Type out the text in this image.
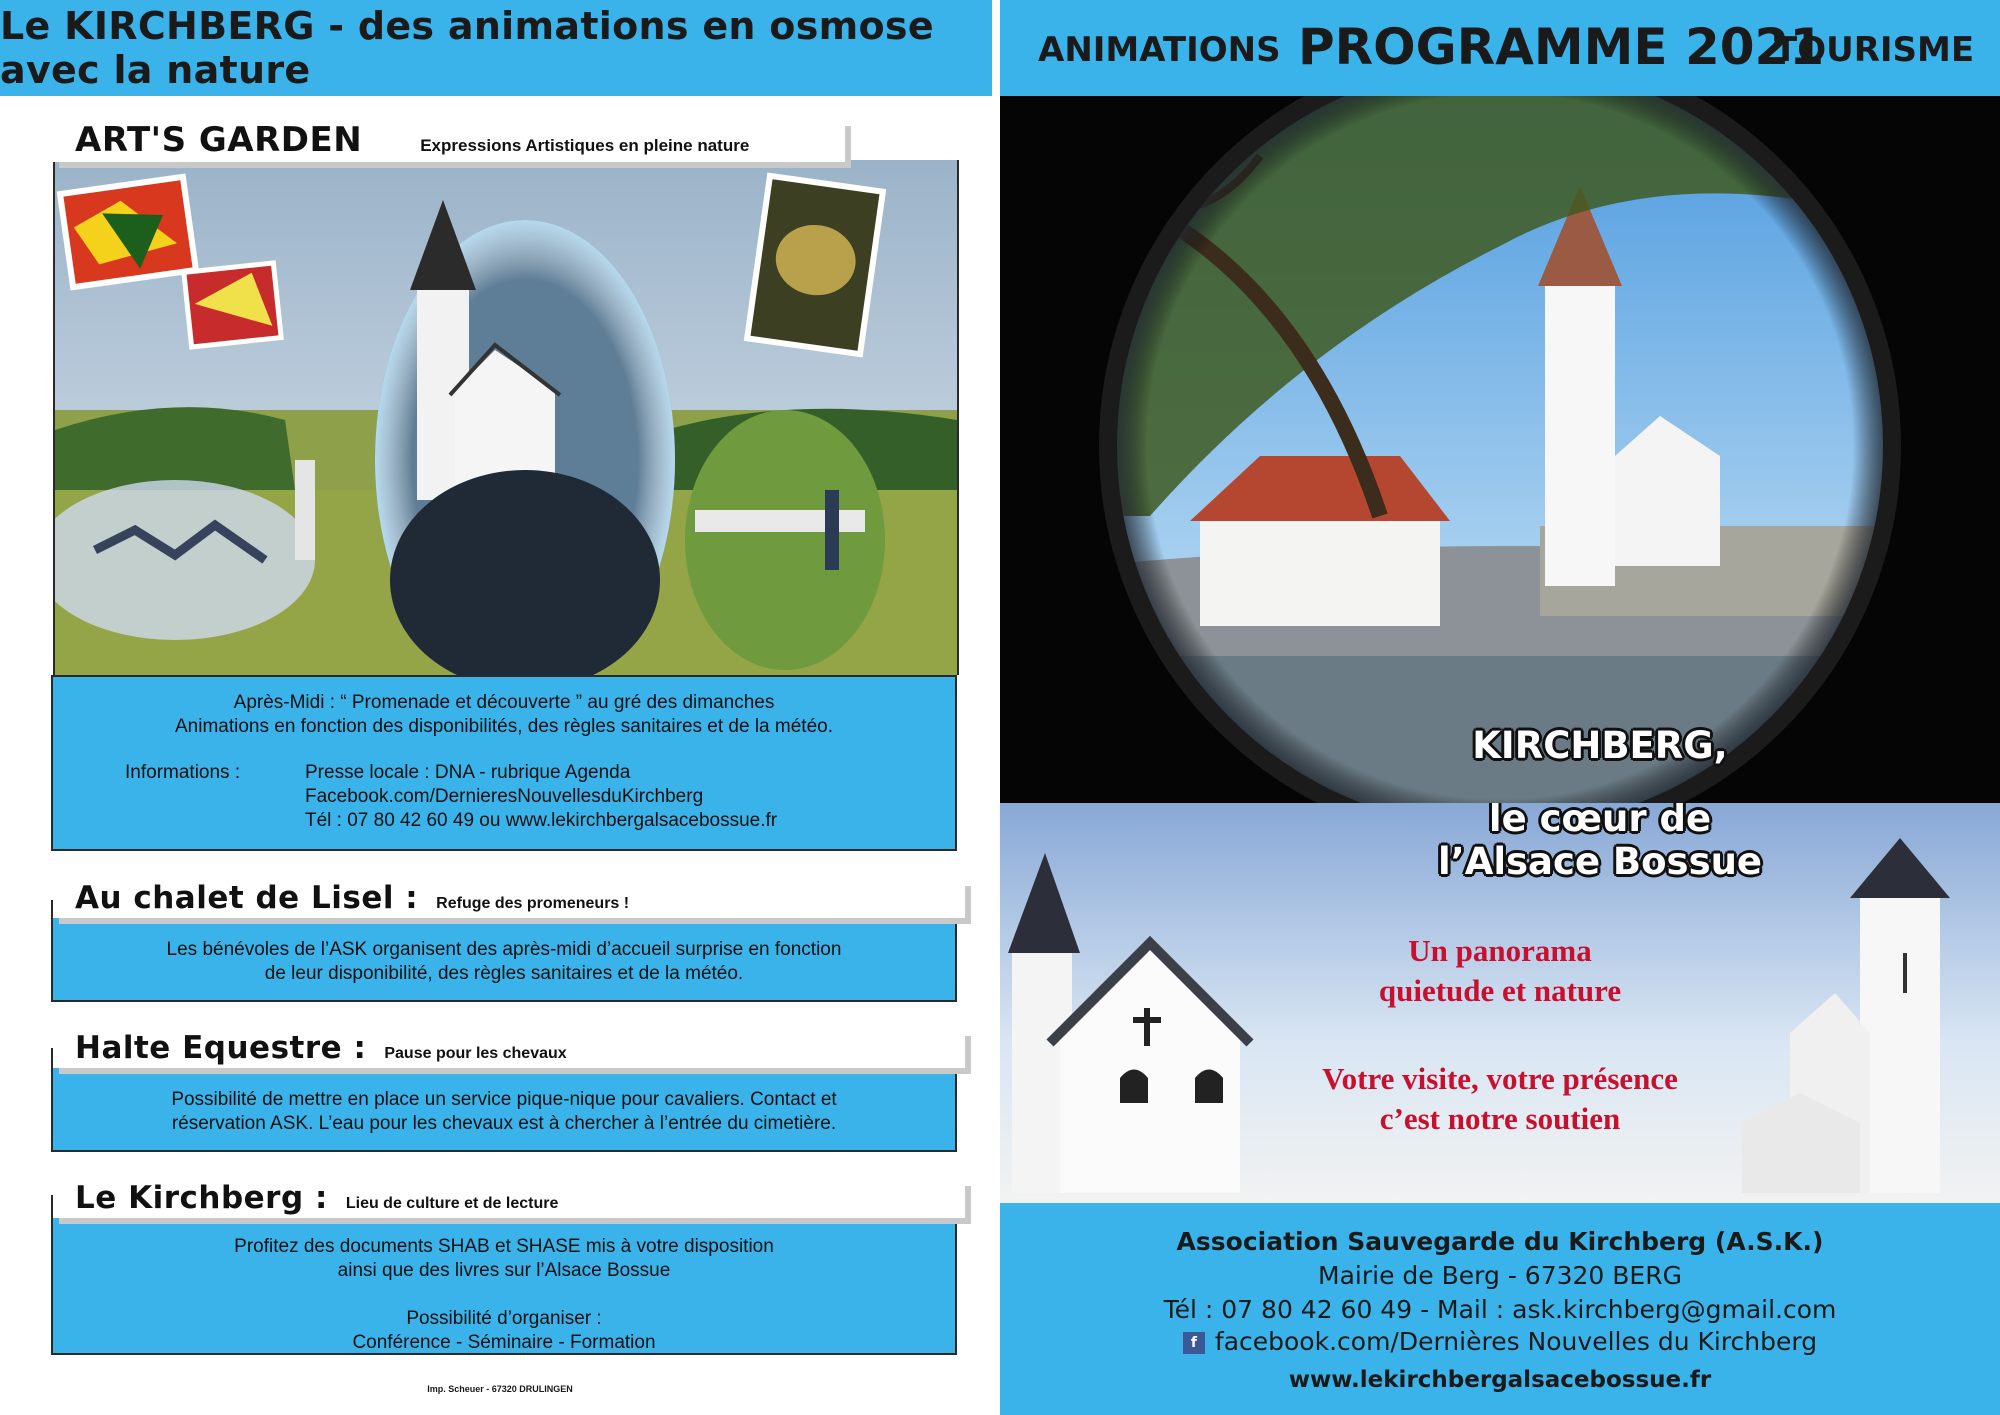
Le KIRCHBERG - des animations en osmose avec la nature
ART'S GARDEN	Expressions Artistiques en pleine nature

Après-Midi : “ Promenade et découverte ” au gré des dimanches

Animations en fonction des disponibilités, des règles sanitaires et de la météo.

Informations :	Presse locale : DNA - rubrique Agenda
Facebook.com/DernieresNouvellesduKirchberg
Tél : 07 80 42 60 49 ou www.lekirchbergalsacebossue.fr

Les bénévoles de l’ASK organisent des après-midi d’accueil surprise en fonction

de leur disponibilité, des règles sanitaires et de la météo.

Au chalet de Lisel : Refuge des promeneurs !

Possibilité de mettre en place un service pique-nique pour cavaliers. Contact et

réservation ASK. L’eau pour les chevaux est à chercher à l’entrée du cimetière.

Halte Equestre : Pause pour les chevaux

Profitez des documents SHAB et SHASE mis à votre disposition

ainsi que des livres sur l’Alsace Bossue

Possibilité d’organiser :

Conférence - Séminaire - Formation

Le Kirchberg : Lieu de culture et de lecture
Imp. Scheuer - 67320 DRULINGEN
ANIMATIONS PROGRAMME 2021
TOURISME
KIRCHBERG,
le cœur de
l’Alsace Bossue
Un panorama
quietude et nature
Votre visite, votre présence
c’est notre soutien
Association Sauvegarde du Kirchberg (A.S.K.)
Mairie de Berg - 67320 BERG
Tél : 07 80 42 60 49 - Mail : ask.kirchberg@gmail.com
f facebook.com/Dernières Nouvelles du Kirchberg
www.lekirchbergalsacebossue.fr
